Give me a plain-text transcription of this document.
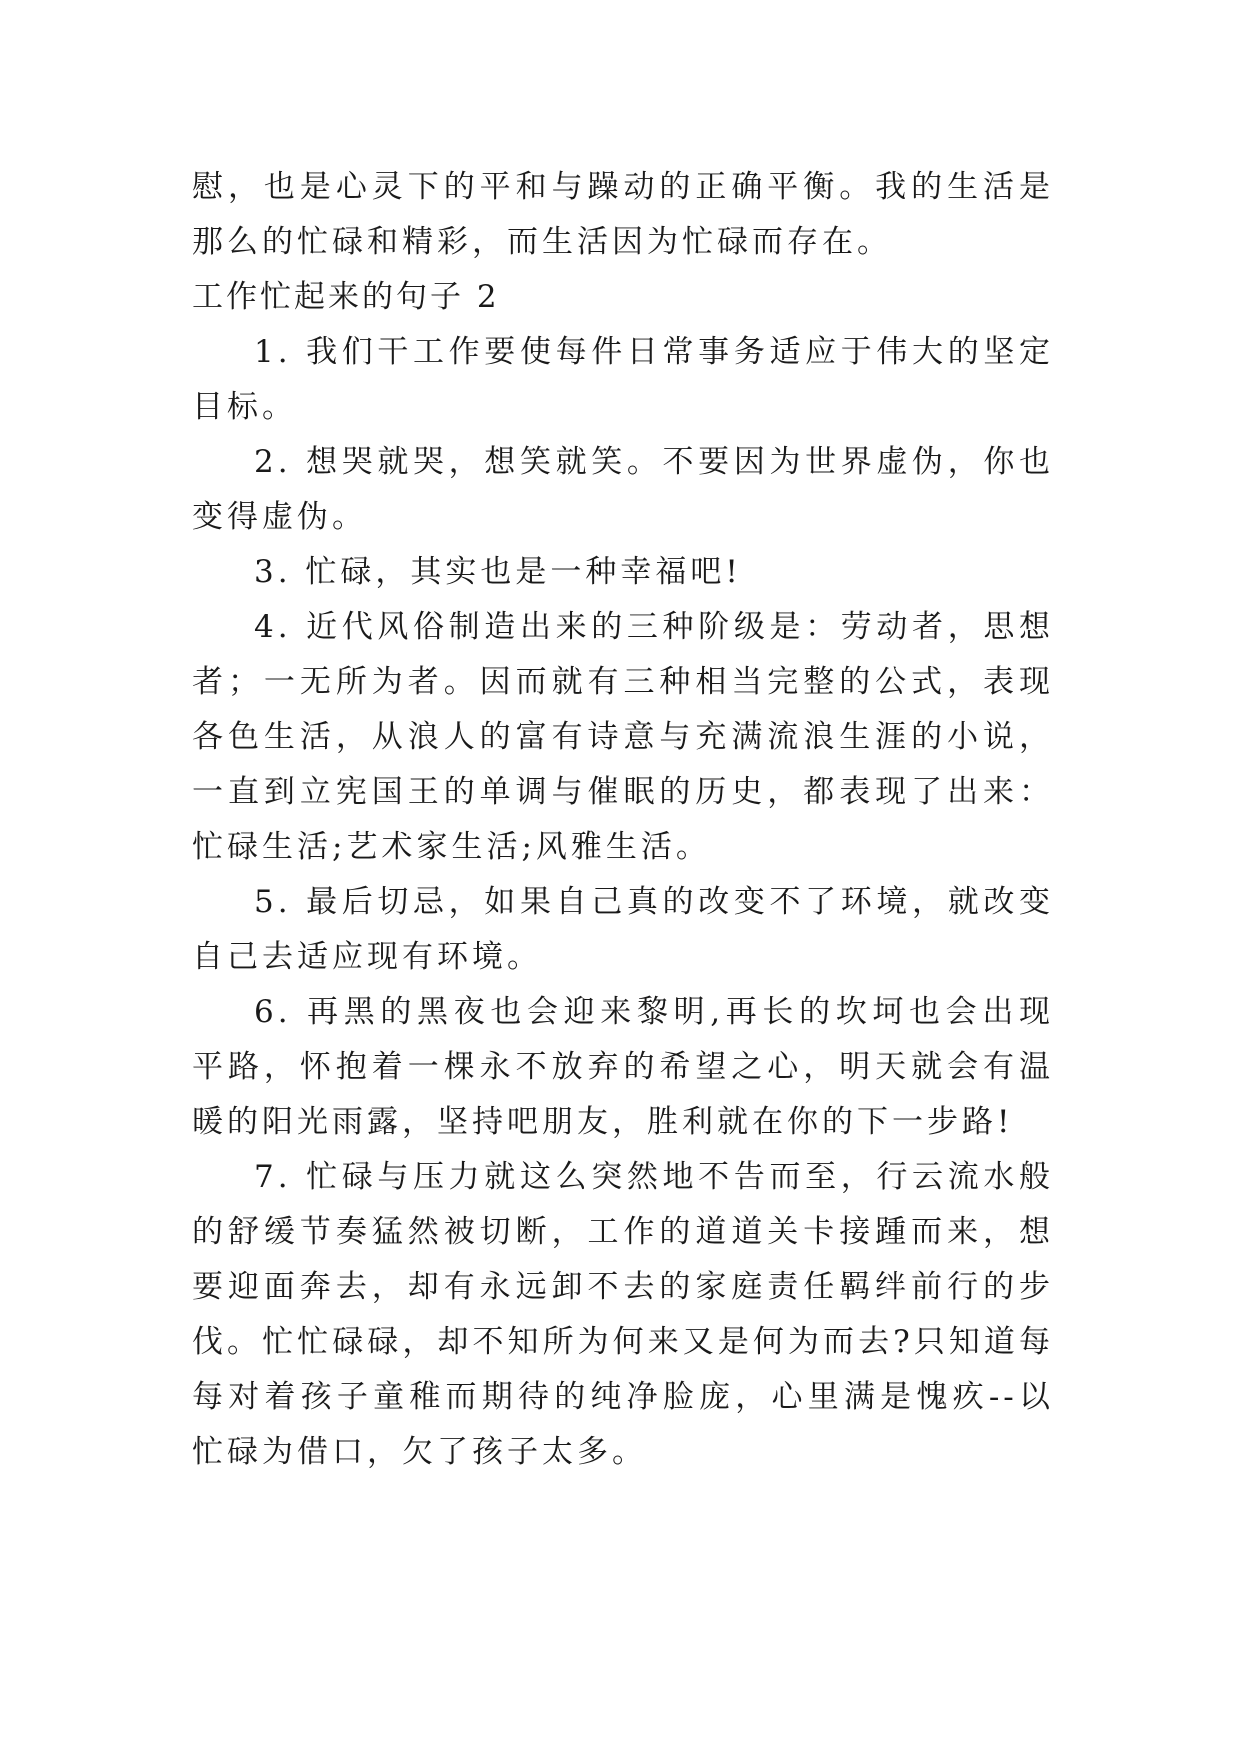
慰，也是心灵下的平和与躁动的正确平衡。我的生活是那么的忙碌和精彩，而生活因为忙碌而存在。

工作忙起来的句子 2

1. 我们干工作要使每件日常事务适应于伟大的坚定目标。

2. 想哭就哭，想笑就笑。不要因为世界虚伪，你也变得虚伪。

3. 忙碌，其实也是一种幸福吧!

4. 近代风俗制造出来的三种阶级是：劳动者，思想者；一无所为者。因而就有三种相当完整的公式，表现各色生活，从浪人的富有诗意与充满流浪生涯的小说，一直到立宪国王的单调与催眠的历史，都表现了出来：忙碌生活;艺术家生活;风雅生活。

5. 最后切忌，如果自己真的改变不了环境，就改变自己去适应现有环境。

6. 再黑的黑夜也会迎来黎明,再长的坎坷也会出现平路，怀抱着一棵永不放弃的希望之心，明天就会有温暖的阳光雨露，坚持吧朋友，胜利就在你的下一步路!

7. 忙碌与压力就这么突然地不告而至，行云流水般的舒缓节奏猛然被切断，工作的道道关卡接踵而来，想要迎面奔去，却有永远卸不去的家庭责任羁绊前行的步伐。忙忙碌碌，却不知所为何来又是何为而去?只知道每每对着孩子童稚而期待的纯净脸庞，心里满是愧疚--以忙碌为借口，欠了孩子太多。
